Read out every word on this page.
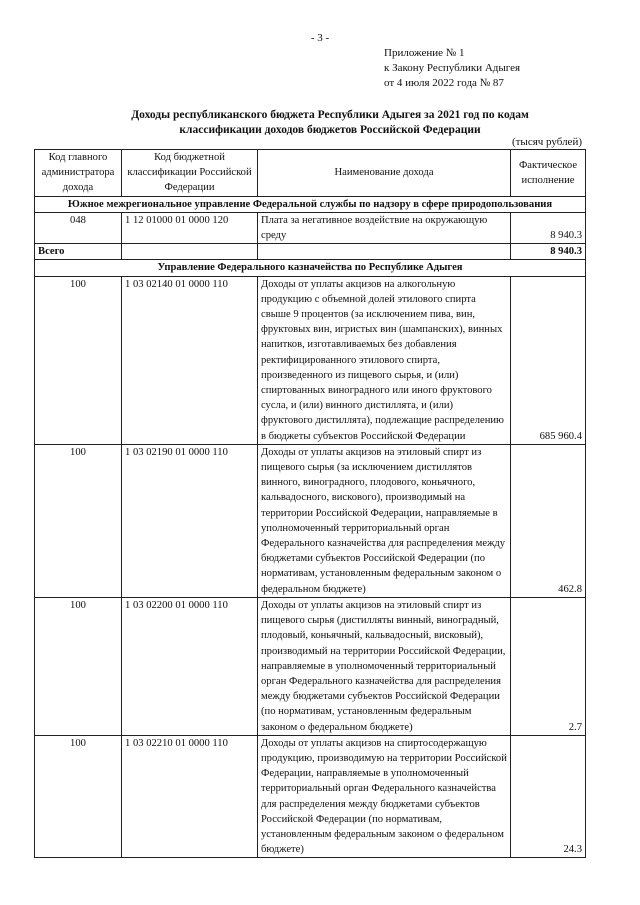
- 3 -
Приложение № 1
к Закону Республики Адыгея
от 4 июля 2022 года № 87
Доходы республиканского бюджета Республики Адыгея за 2021 год по кодам
классификации доходов бюджетов Российской Федерации
(тысяч рублей)
Код главного администратора дохода	Код бюджетной классификации Российской Федерации	Наименование дохода	Фактическое исполнение
Южное межрегиональное управление Федеральной службы по надзору в сфере природопользования			
048	1 12 01000 01 0000 120	Плата за негативное воздействие на окружающую среду	8 940.3
Всего			8 940.3
Управление Федерального казначейства по Республике Адыгея			
100	1 03 02140 01 0000 110	Доходы от уплаты акцизов на алкогольную продукцию с объемной долей этилового спирта свыше 9 процентов (за исключением пива, вин, фруктовых вин, игристых вин (шампанских), винных напитков, изготавливаемых без добавления ректифицированного этилового спирта, произведенного из пищевого сырья, и (или) спиртованных виноградного или иного фруктового сусла, и (или) винного дистиллята, и (или) фруктового дистиллята), подлежащие распределению в бюджеты субъектов Российской Федерации	685 960.4
100	1 03 02190 01 0000 110	Доходы от уплаты акцизов на этиловый спирт из пищевого сырья (за исключением дистиллятов винного, виноградного, плодового, коньячного, кальвадосного, вискового), производимый на территории Российской Федерации, направляемые в уполномоченный территориальный орган Федерального казначейства для распределения между бюджетами субъектов Российской Федерации (по нормативам, установленным федеральным законом о федеральном бюджете)	462.8
100	1 03 02200 01 0000 110	Доходы от уплаты акцизов на этиловый спирт из пищевого сырья (дистилляты винный, виноградный, плодовый, коньячный, кальвадосный, висковый), производимый на территории Российской Федерации, направляемые в уполномоченный территориальный орган Федерального казначейства для распределения между бюджетами субъектов Российской Федерации (по нормативам, установленным федеральным законом о федеральном бюджете)	2.7
100	1 03 02210 01 0000 110	Доходы от уплаты акцизов на спиртосодержащую продукцию, производимую на территории Российской Федерации, направляемые в уполномоченный территориальный орган Федерального казначейства для распределения между бюджетами субъектов Российской Федерации (по нормативам, установленным федеральным законом о федеральном бюджете)	24.3
